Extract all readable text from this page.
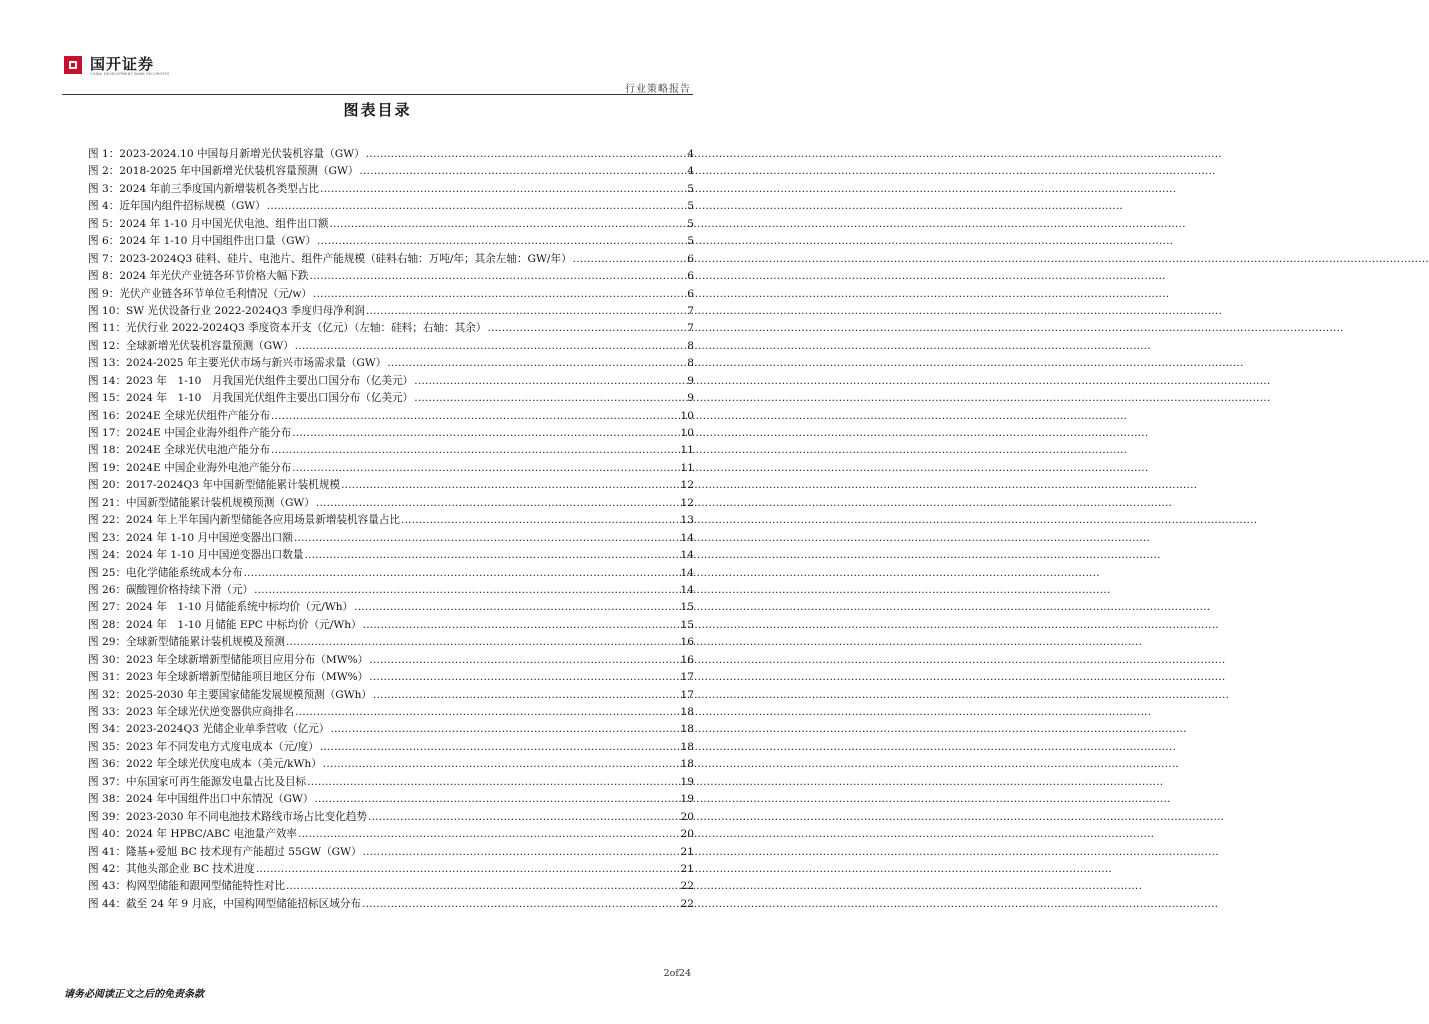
国开证券
CHINA DEVELOPMENT BANK SECURITIES
行业策略报告
图表目录
图 1： 2023-2024.10 中国每月新增光伏装机容量（GW） .....	4
图 2： 2018-2025 年中国新增光伏装机容量预测（GW） .....	4
图 3： 2024 年前三季度国内新增装机各类型占比 .....	5
图 4： 近年国内组件招标规模（GW） .....	5
图 5： 2024 年 1-10 月中国光伏电池、组件出口额 .....	5
图 6： 2024 年 1-10 月中国组件出口量（GW） .....	5
图 7： 2023-2024Q3 硅料、硅片、电池片、组件产能规模（硅料右轴：万吨/年；其余左轴：GW/年） .....	6
图 8： 2024 年光伏产业链各环节价格大幅下跌 .....	6
图 9： 光伏产业链各环节单位毛利情况（元/w） .....	6
图 10： SW 光伏设备行业 2022-2024Q3 季度归母净利润 .....	7
图 11： 光伏行业 2022-2024Q3 季度资本开支（亿元）（左轴：硅料；右轴：其余） .....	7
图 12： 全球新增光伏装机容量预测（GW） .....	8
图 13： 2024-2025 年主要光伏市场与新兴市场需求量（GW） .....	8
图 14： 2023 年　1-10　月我国光伏组件主要出口国分布（亿美元） .....	9
图 15： 2024 年　1-10　月我国光伏组件主要出口国分布（亿美元） .....	9
图 16： 2024E 全球光伏组件产能分布 .....	10
图 17： 2024E 中国企业海外组件产能分布 .....	10
图 18： 2024E 全球光伏电池产能分布 .....	11
图 19： 2024E 中国企业海外电池产能分布 .....	11
图 20： 2017-2024Q3 年中国新型储能累计装机规模 .....	12
图 21： 中国新型储能累计装机规模预测（GW） .....	12
图 22： 2024 年上半年国内新型储能各应用场景新增装机容量占比 .....	13
图 23： 2024 年 1-10 月中国逆变器出口额 .....	14
图 24： 2024 年 1-10 月中国逆变器出口数量 .....	14
图 25： 电化学储能系统成本分布 .....	14
图 26： 碳酸锂价格持续下滑（元） .....	14
图 27： 2024 年　1-10 月储能系统中标均价（元/Wh） .....	15
图 28： 2024 年　1-10 月储能 EPC 中标均价（元/Wh） .....	15
图 29： 全球新型储能累计装机规模及预测 .....	16
图 30： 2023 年全球新增新型储能项目应用分布（MW%） .....	16
图 31： 2023 年全球新增新型储能项目地区分布（MW%） .....	17
图 32： 2025-2030 年主要国家储能发展规模预测（GWh） .....	17
图 33： 2023 年全球光伏逆变器供应商排名 .....	18
图 34： 2023-2024Q3 光储企业单季营收（亿元） .....	18
图 35： 2023 年不同发电方式度电成本（元/度） .....	18
图 36： 2022 年全球光伏度电成本（美元/kWh） .....	18
图 37： 中东国家可再生能源发电量占比及目标 .....	19
图 38： 2024 年中国组件出口中东情况（GW） .....	19
图 39： 2023-2030 年不同电池技术路线市场占比变化趋势 .....	20
图 40： 2024 年 HPBC/ABC 电池量产效率 .....	20
图 41： 隆基+爱旭 BC 技术现有产能超过 55GW（GW） .....	21
图 42： 其他头部企业 BC 技术进度 .....	21
图 43： 构网型储能和跟网型储能特性对比 .....	22
图 44： 截至 24 年 9 月底，中国构网型储能招标区域分布 .....	22
2of24
请务必阅读正文之后的免责条款
